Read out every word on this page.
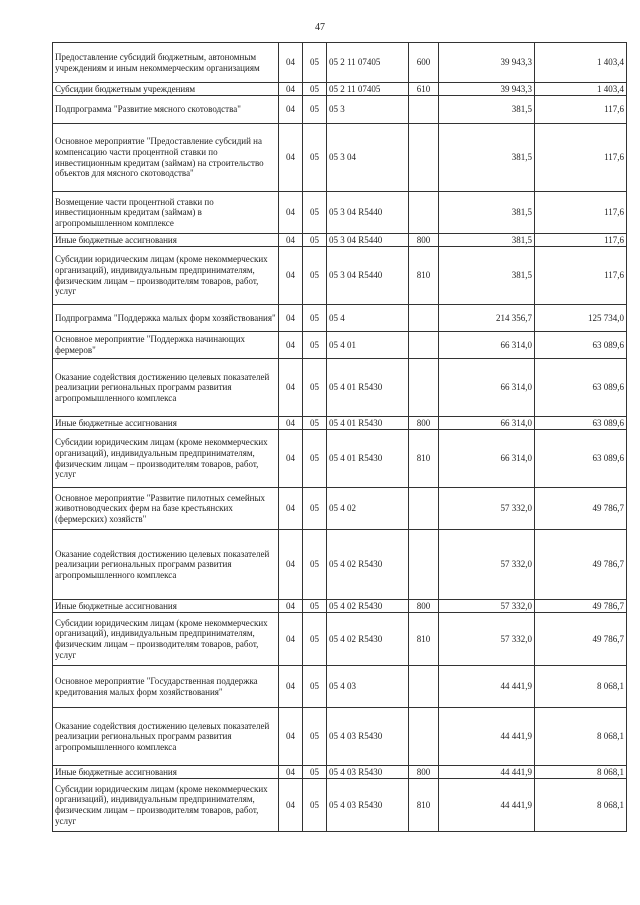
47
Предоставление субсидий бюджетным, автономным учреждениям и иным некоммерческим организациям	04	05	05 2 11 07405	600	39 943,3	1 403,4
Субсидии бюджетным учреждениям	04	05	05 2 11 07405	610	39 943,3	1 403,4
Подпрограмма "Развитие мясного скотоводства"	04	05	05 3		381,5	117,6
Основное мероприятие "Предоставление субсидий на компенсацию части процентной ставки по инвестиционным кредитам (займам) на строительство объектов для мясного скотоводства"	04	05	05 3 04		381,5	117,6
Возмещение части процентной ставки по инвестиционным кредитам (займам) в агропромышленном комплексе	04	05	05 3 04 R5440		381,5	117,6
Иные бюджетные ассигнования	04	05	05 3 04 R5440	800	381,5	117,6
Субсидии юридическим лицам (кроме некоммерческих организаций), индивидуальным предпринимателям, физическим лицам – производителям товаров, работ, услуг	04	05	05 3 04 R5440	810	381,5	117,6
Подпрограмма "Поддержка малых форм хозяйствования"	04	05	05 4		214 356,7	125 734,0
Основное мероприятие "Поддержка начинающих фермеров"	04	05	05 4 01		66 314,0	63 089,6
Оказание содействия достижению целевых показателей реализации региональных программ развития агропромышленного комплекса	04	05	05 4 01 R5430		66 314,0	63 089,6
Иные бюджетные ассигнования	04	05	05 4 01 R5430	800	66 314,0	63 089,6
Субсидии юридическим лицам (кроме некоммерческих организаций), индивидуальным предпринимателям, физическим лицам – производителям товаров, работ, услуг	04	05	05 4 01 R5430	810	66 314,0	63 089,6
Основное мероприятие "Развитие пилотных семейных животноводческих ферм на базе крестьянских (фермерских) хозяйств"	04	05	05 4 02		57 332,0	49 786,7
Оказание содействия достижению целевых показателей реализации региональных программ развития агропромышленного комплекса	04	05	05 4 02 R5430		57 332,0	49 786,7
Иные бюджетные ассигнования	04	05	05 4 02 R5430	800	57 332,0	49 786,7
Субсидии юридическим лицам (кроме некоммерческих организаций), индивидуальным предпринимателям, физическим лицам – производителям товаров, работ, услуг	04	05	05 4 02 R5430	810	57 332,0	49 786,7
Основное мероприятие "Государственная поддержка кредитования малых форм хозяйствования"	04	05	05 4 03		44 441,9	8 068,1
Оказание содействия достижению целевых показателей реализации региональных программ развития агропромышленного комплекса	04	05	05 4 03 R5430		44 441,9	8 068,1
Иные бюджетные ассигнования	04	05	05 4 03 R5430	800	44 441,9	8 068,1
Субсидии юридическим лицам (кроме некоммерческих организаций), индивидуальным предпринимателям, физическим лицам – производителям товаров, работ, услуг	04	05	05 4 03 R5430	810	44 441,9	8 068,1
